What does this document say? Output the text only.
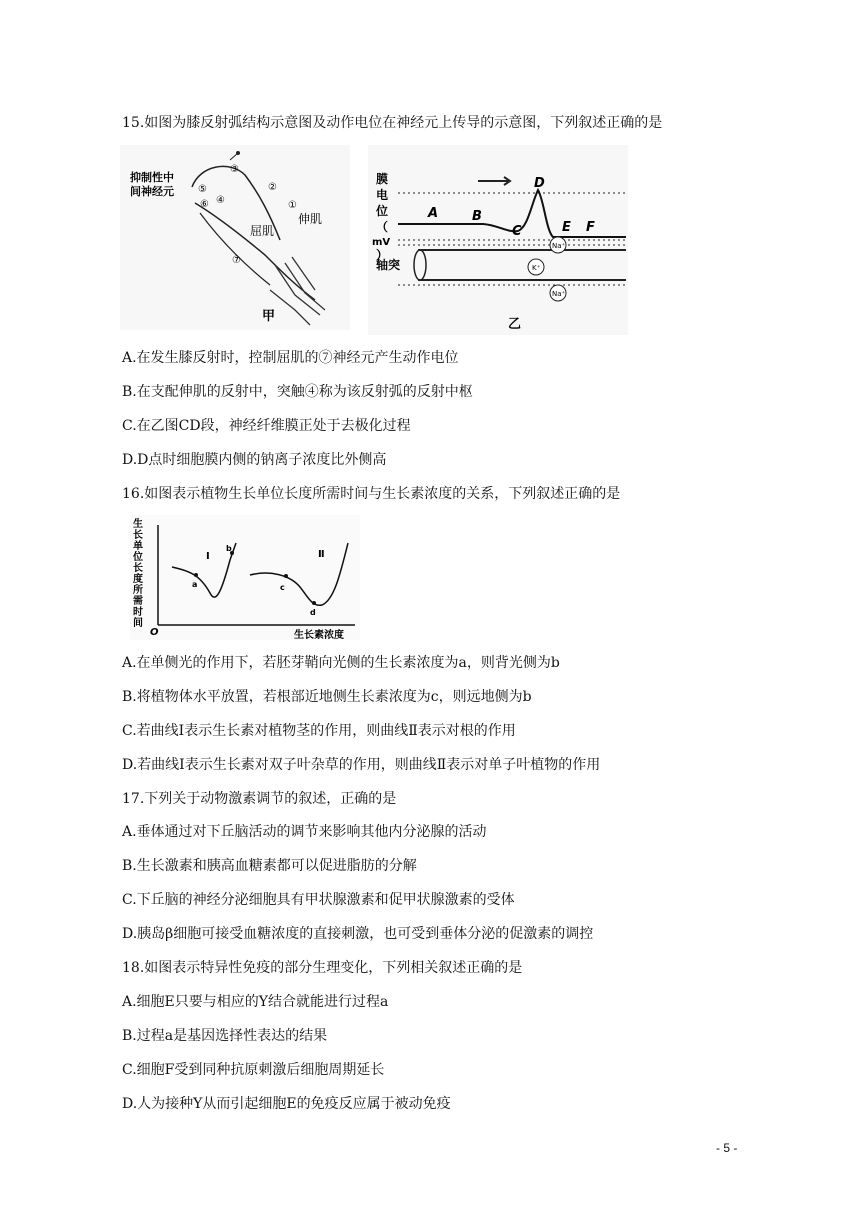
15.如图为膝反射弧结构示意图及动作电位在神经元上传导的示意图，下列叙述正确的是
抑制性中
间神经元
伸肌
屈肌
①
②
③
④
⑤
⑥
⑦
甲
膜
电
位
（
mV
）
A	B
C
D
E F
轴突
Na⁺
K⁺
Na⁺
乙
A.在发生膝反射时，控制屈肌的⑦神经元产生动作电位
B.在支配伸肌的反射中，突触④称为该反射弧的反射中枢
C.在乙图CD段，神经纤维膜正处于去极化过程
D.D点时细胞膜内侧的钠离子浓度比外侧高
16.如图表示植物生长单位长度所需时间与生长素浓度的关系，下列叙述正确的是
生
长
单
位
长
度
所
需
时
间
O	生长素浓度
Ⅰ	Ⅱ
a
b
c
d
A.在单侧光的作用下，若胚芽鞘向光侧的生长素浓度为a，则背光侧为b
B.将植物体水平放置，若根部近地侧生长素浓度为c，则远地侧为b
C.若曲线Ⅰ表示生长素对植物茎的作用，则曲线Ⅱ表示对根的作用
D.若曲线Ⅰ表示生长素对双子叶杂草的作用，则曲线Ⅱ表示对单子叶植物的作用
17.下列关于动物激素调节的叙述，正确的是
A.垂体通过对下丘脑活动的调节来影响其他内分泌腺的活动
B.生长激素和胰高血糖素都可以促进脂肪的分解
C.下丘脑的神经分泌细胞具有甲状腺激素和促甲状腺激素的受体
D.胰岛β细胞可接受血糖浓度的直接刺激，也可受到垂体分泌的促激素的调控
18.如图表示特异性免疫的部分生理变化，下列相关叙述正确的是
A.细胞E只要与相应的Y结合就能进行过程a
B.过程a是基因选择性表达的结果
C.细胞F受到同种抗原刺激后细胞周期延长
D.人为接种Y从而引起细胞E的免疫反应属于被动免疫
- 5 -
